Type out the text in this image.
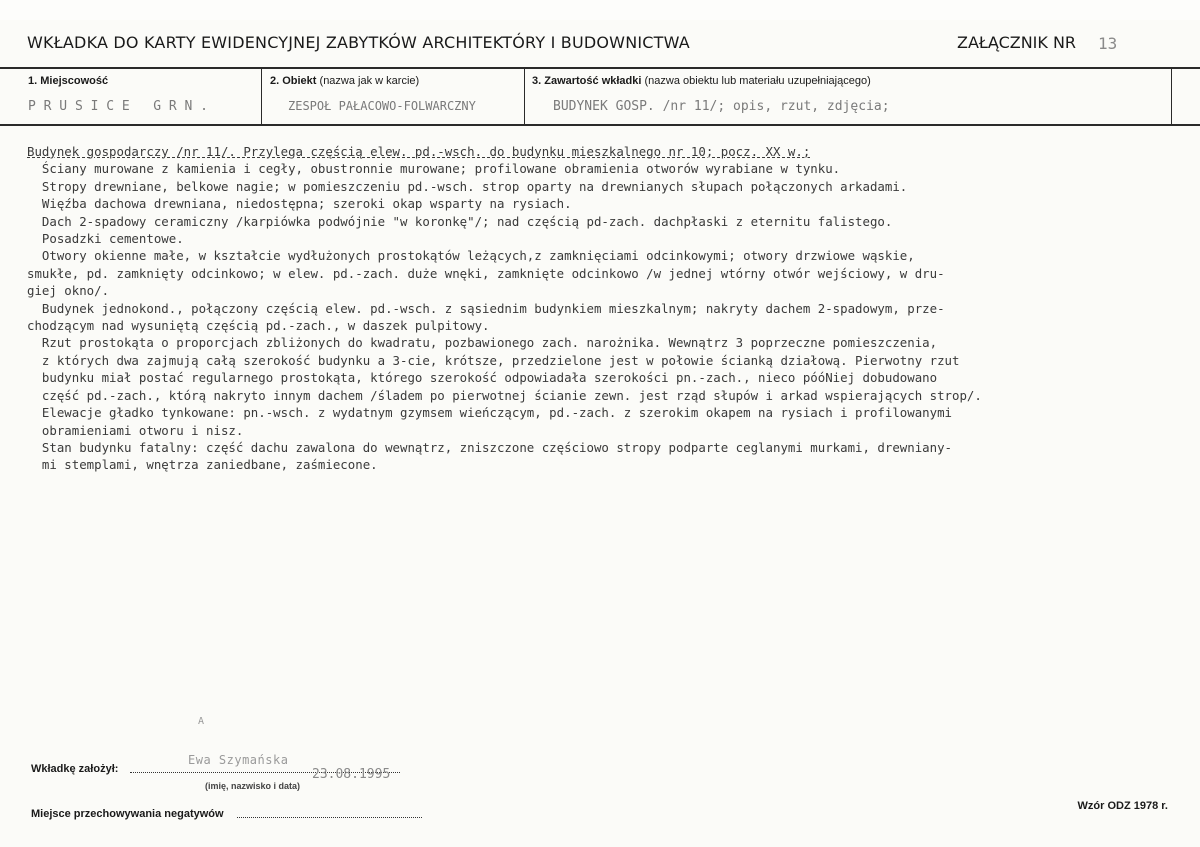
WKŁADKA DO KARTY EWIDENCYJNEJ ZABYTKÓW ARCHITEKTÓRY I BUDOWNICTWA	ZAŁĄCZNIK NR 13
1. Miejscowość	2. Obiekt (nazwa jak w karcie)	3. Zawartość wkładki (nazwa obiektu lub materiału uzupełniającego)
P R U S I C E   G R N .	ZESPOŁ PAŁACOWO-FOLWARCZNY	BUDYNEK GOSP. /nr 11/; opis, rzut, zdjęcia;
Budynek gospodarczy /nr 11/. Przylega częścią elew. pd.-wsch. do budynku mieszkalnego nr 10; pocz. XX w.;
Ściany murowane z kamienia i cegły, obustronnie murowane; profilowane obramienia otworów wyrabiane w tynku.
Stropy drewniane, belkowe nagie; w pomieszczeniu pd.-wsch. strop oparty na drewnianych słupach połączonych arkadami.
Więźba dachowa drewniana, niedostępna; szeroki okap wsparty na rysiach.
Dach 2-spadowy ceramiczny /karpiówka podwójnie "w koronkę"/; nad częścią pd-zach. dachpłaski z eternitu falistego.
Posadzki cementowe.
Otwory okienne małe, w kształcie wydłużonych prostokątów leżących,z zamknięciami odcinkowymi; otwory drzwiowe wąskie,
smukłe, pd. zamknięty odcinkowo; w elew. pd.-zach. duże wnęki, zamknięte odcinkowo /w jednej wtórny otwór wejściowy, w dru-
giej okno/.
Budynek jednokond., połączony częścią elew. pd.-wsch. z sąsiednim budynkiem mieszkalnym; nakryty dachem 2-spadowym, prze-
chodzącym nad wysuniętą częścią pd.-zach., w daszek pulpitowy.
Rzut prostokąta o proporcjach zbliżonych do kwadratu, pozbawionego zach. narożnika. Wewnątrz 3 poprzeczne pomieszczenia,
z których dwa zajmują całą szerokość budynku a 3-cie, krótsze, przedzielone jest w połowie ścianką działową. Pierwotny rzut
budynku miał postać regularnego prostokąta, którego szerokość odpowiadała szerokości pn.-zach., nieco póóNiej dobudowano
część pd.-zach., którą nakryto innym dachem /śladem po pierwotnej ścianie zewn. jest rząd słupów i arkad wspierających strop/.
Elewacje gładko tynkowane: pn.-wsch. z wydatnym gzymsem wieńczącym, pd.-zach. z szerokim okapem na rysiach i profilowanymi
obramieniami otworu i nisz.
Stan budynku fatalny: część dachu zawalona do wewnątrz, zniszczone częściowo stropy podparte ceglanymi murkami, drewniany-
mi stemplami, wnętrza zaniedbane, zaśmiecone.
A
Wkładkę założył:
Ewa Szymańska
23.08.1995
(imię, nazwisko i data)
Miejsce przechowywania negatywów
Wzór ODZ 1978 r.
